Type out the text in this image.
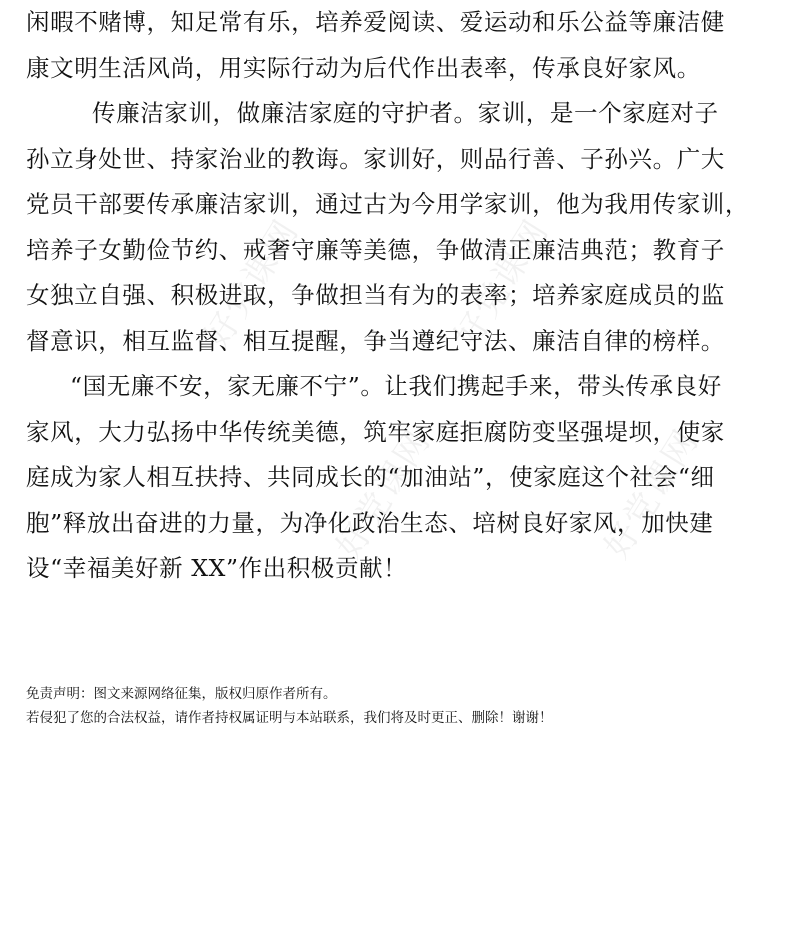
好党课网
好党课网
好党课网
好党课网
闲暇不赌博，知足常有乐，培养爱阅读、爱运动和乐公益等廉洁健
康文明生活风尚，用实际行动为后代作出表率，传承良好家风。
传廉洁家训，做廉洁家庭的守护者。家训，是一个家庭对子
孙立身处世、持家治业的教诲。家训好，则品行善、子孙兴。广大
党员干部要传承廉洁家训，通过古为今用学家训，他为我用传家训，
培养子女勤俭节约、戒奢守廉等美德，争做清正廉洁典范；教育子
女独立自强、积极进取，争做担当有为的表率；培养家庭成员的监
督意识，相互监督、相互提醒，争当遵纪守法、廉洁自律的榜样。
“国无廉不安，家无廉不宁”。让我们携起手来，带头传承良好
家风，大力弘扬中华传统美德，筑牢家庭拒腐防变坚强堤坝，使家
庭成为家人相互扶持、共同成长的“加油站”，使家庭这个社会“细
胞”释放出奋进的力量，为净化政治生态、培树良好家风，加快建
设“幸福美好新 XX”作出积极贡献！
免责声明：图文来源网络征集，版权归原作者所有。
若侵犯了您的合法权益，请作者持权属证明与本站联系，我们将及时更正、删除！谢谢！
